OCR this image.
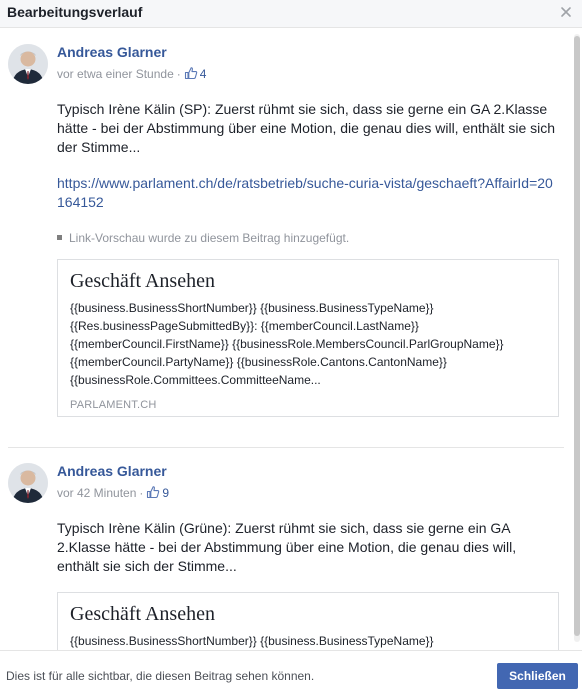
Bearbeitungsverlauf
Andreas Glarner
vor etwa einer Stunde · 4
Typisch Irène Kälin (SP): Zuerst rühmt sie sich, dass sie gerne ein GA 2.Klasse hätte - bei der Abstimmung über eine Motion, die genau dies will, enthält sie sich der Stimme...
https://www.parlament.ch/de/ratsbetrieb/suche-curia-vista/geschaeft?AffairId=20164152
Link-Vorschau wurde zu diesem Beitrag hinzugefügt.
Geschäft Ansehen
{{business.BusinessShortNumber}} {{business.BusinessTypeName}}
{{Res.businessPageSubmittedBy}}: {{memberCouncil.LastName}}
{{memberCouncil.FirstName}} {{businessRole.MembersCouncil.ParlGroupName}}
{{memberCouncil.PartyName}} {{businessRole.Cantons.CantonName}}
{{businessRole.Committees.CommitteeName...
PARLAMENT.CH
Andreas Glarner
vor 42 Minuten · 9
Typisch Irène Kälin (Grüne): Zuerst rühmt sie sich, dass sie gerne ein GA 2.Klasse hätte - bei der Abstimmung über eine Motion, die genau dies will, enthält sie sich der Stimme...
Geschäft Ansehen
{{business.BusinessShortNumber}} {{business.BusinessTypeName}}
Dies ist für alle sichtbar, die diesen Beitrag sehen können.	Schließen
